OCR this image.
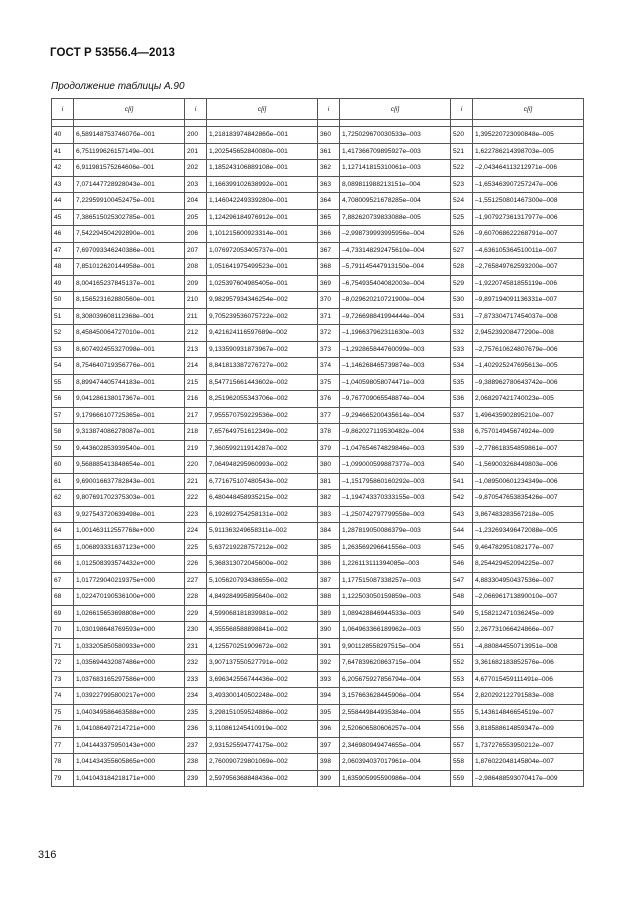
ГОСТ Р 53556.4—2013
Продолжение таблицы А.90
i	c[i]	i	c[i]	i	c[i]	i	c[i]

40	6,58914875374607бe–001	200	1,21818397484286бe–001	360	1,725029670030533e–003	520	1,395220723090848e–005
41	6,751199626157149e–001	201	1,202545652840080e–001	361	1,417366709895927e–003	521	1,622786214398703e–005
42	6,911981575264606e–001	202	1,185243106889108e–001	362	1,127141815310061e–003	522	–2,043464113212971e–006
43	7,071447728928043e–001	203	1,166399102638992e–001	363	8,089811988213151e–004	523	–1,653463907257247e–006
44	7,229599100452475e–001	204	1,146042249339280e–001	364	4,708009521678285e–004	524	–1,551250801467300e–008
45	7,386515025302785e–001	205	1,124296184976912e–001	365	7,882620739833088e–005	525	–1,907927361317977e–006
46	7,542294504292890e–001	206	1,101215600923314e–001	366	–2,998739993995956e–004	526	–9,607068622268791e–007
47	7,697093346240386e–001	207	1,076972053405737e–001	367	–4,733148292475610e–004	527	–4,636105364510011e–007
48	7,851012620144958e–001	208	1,051641975499523e–001	368	–5,791145447913150e–004	528	–2,765849762593200e–007
49	8,004165237845137e–001	209	1,025397604985405e–001	369	–6,754935404082003e–004	529	–1,922074581855119e–006
50	8,156523162880560e–001	210	9,982957934346254e–002	370	–8,029620210721900e–004	530	–9,897194091136331e–007
51	8,308039608112368e–001	211	9,705239536075722e–002	371	–9,726698841994444e–004	531	–7,873304717454037e–008
52	8,458450064727010e–001	212	9,421624116597689e–002	372	–1,196637962311630e–003	532	2,945239208477290e–008
53	8,607492455327098e–001	213	9,133590931873967e–002	373	–1,292865844760099e–003	533	–2,757610624807679e–006
54	8,754640719356776e–001	214	8,841813387276727e–002	374	–1,146268465739874e–003	534	–1,402925247695613e–005
55	8,899474405744183e–001	215	8,547715661443602e–002	375	–1,040598058074471e–003	535	–9,388962780643742e–006
56	9,041286138017367e–001	216	8,251962055343706e–002	376	–9,767709065548874e–004	536	2,068297421740023e–005
57	9,179666107725365e–001	217	7,955570759229536e–002	377	–9,294665200435614e–004	537	1,496435902895210e–007
58	9,313874086278087e–001	218	7,657649751612349e–002	378	–9,862027119530482e–004	538	6,757014945674924e–009
59	9,443602853939540e–001	219	7,360599211914287e–002	379	–1,047654674829846e–003	539	–2,778618354859861e–007
60	9,568885413848654e–001	220	7,064948295960993e–002	380	–1,099000599887377e–003	540	–1,569003268449803e–006
61	9,690016637782843e–001	221	6,771675107480543e–002	381	–1,151795860160292e–003	541	–1,089500601234349e–006
62	9,807691702375303e–001	222	6,480448458935215e–002	382	–1,194743370333155e–003	542	–9,870547653835426e–007
63	9,927543720639498e–001	223	6,192692754258131e–002	383	–1,250742797799558e–003	543	3,867483283567218e–005
64	1,001463112557768e+000	224	5,911363249658311e–002	384	1,287819050086379e–003	544	–1,232693496472088e–005
65	1,006893331637123e+000	225	5,637219228757212e–002	385	1,263569296641556e–003	545	9,464782951082177e–007
66	1,012508393574432e+000	226	5,368313072045600e–002	386	1,226113111394085e–003	546	8,254429452094225e–007
67	1,017729040219375e+000	227	5,105620793438655e–002	387	1,177515087338257e–003	547	4,883304950437536e–007
68	1,022470190536100e+000	228	4,849284995895640e–002	388	1,122503050159859e–003	548	–2,066961713890010e–007
69	1,026615653698808e+000	229	4,599068181839981e–002	389	1,089428846944533e–003	549	5,158212471036245e–009
70	1,030198648769593e+000	230	4,355568588898841e–002	390	1,064963366189962e–003	550	2,267731066424866e–007
71	1,033205850580933e+000	231	4,125570251909672e–002	391	9,901128558297515e–004	551	–4,880844550713951e–008
72	1,035694432087486e+000	232	3,907137550527791e–002	392	7,647839620863715e–004	552	3,361682183852576e–006
73	1,037683165297586e+000	233	3,696342556744436e–002	393	6,205675927856794e–004	553	4,677015459111491e–006
74	1,039227995800217e+000	234	3,493300140502248e–002	394	3,157663628445906e–004	554	2,820292122791583e–008
75	1,040349586463588e+000	235	3,298151059524886e–002	395	2,558449844935384e–004	555	5,143614846654519e–007
76	1,041086497214721e+000	236	3,110861245410919e–002	396	2,520606580606257e–004	556	3,818588614859347e–009
77	1,041443375950143e+000	237	2,931525594774175e–002	397	2,346980949474655e–004	557	1,737276553950212e–007
78	1,041434355605865e+000	238	2,760090729801069e–002	398	2,060394037017961e–004	558	1,876022048145804e–007
79	1,041043184218171e+000	239	2,597956368848436e–002	399	1,635905995590986e–004	559	–2,986488593070417e–009
316
